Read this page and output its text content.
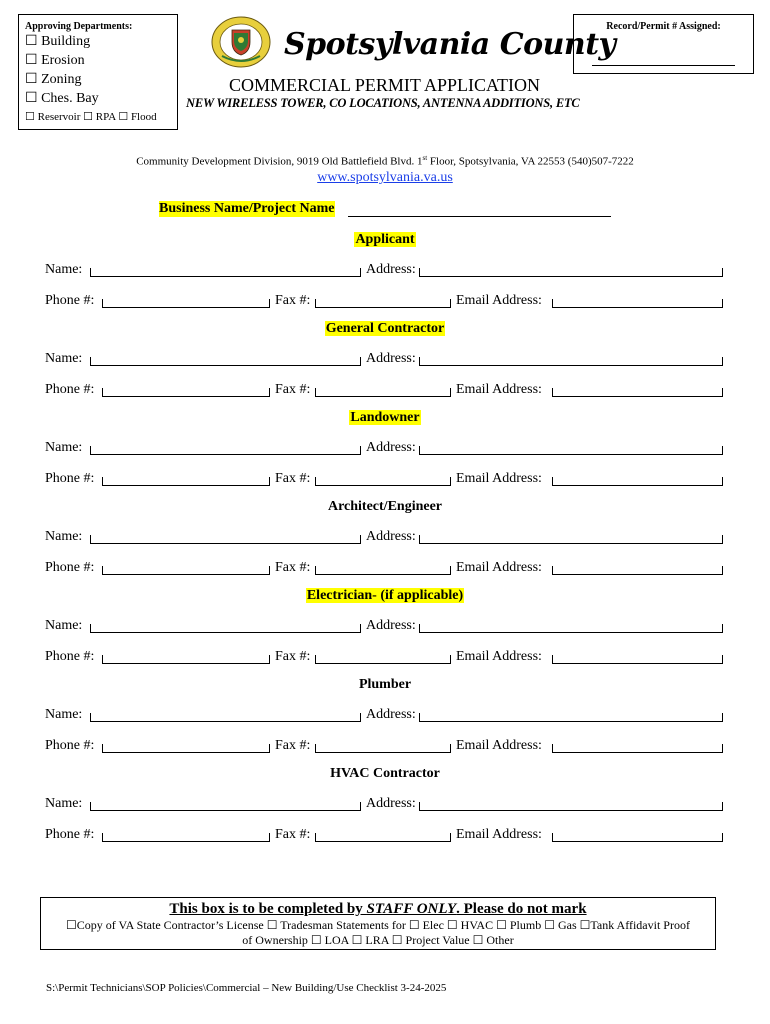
Approving Departments:
☐ Building
☐ Erosion
☐ Zoning
☐ Ches. Bay
☐ Reservoir ☐ RPA ☐ Flood
Record/Permit # Assigned:
Spotsylvania County
COMMERCIAL PERMIT APPLICATION
NEW WIRELESS TOWER, CO LOCATIONS, ANTENNA ADDITIONS, ETC
Community Development Division, 9019 Old Battlefield Blvd. 1st Floor, Spotsylvania, VA 22553 (540)507-7222
www.spotsylvania.va.us
Business Name/Project Name
Applicant
Name:	Address:
Phone #:	Fax #:	Email Address:
General Contractor
Name:	Address:
Phone #:	Fax #:	Email Address:
Landowner
Name:	Address:
Phone #:	Fax #:	Email Address:
Architect/Engineer
Name:	Address:
Phone #:	Fax #:	Email Address:
Electrician- (if applicable)
Name:	Address:
Phone #:	Fax #:	Email Address:
Plumber
Name:	Address:
Phone #:	Fax #:	Email Address:
HVAC Contractor
Name:	Address:
Phone #:	Fax #:	Email Address:
This box is to be completed by STAFF ONLY. Please do not mark
☐Copy of VA State Contractor’s License ☐ Tradesman Statements for ☐ Elec ☐ HVAC ☐ Plumb ☐ Gas ☐Tank Affidavit Proof
of Ownership ☐ LOA ☐ LRA ☐ Project Value ☐ Other
S:\Permit Technicians\SOP Policies\Commercial – New Building/Use Checklist 3-24-2025
